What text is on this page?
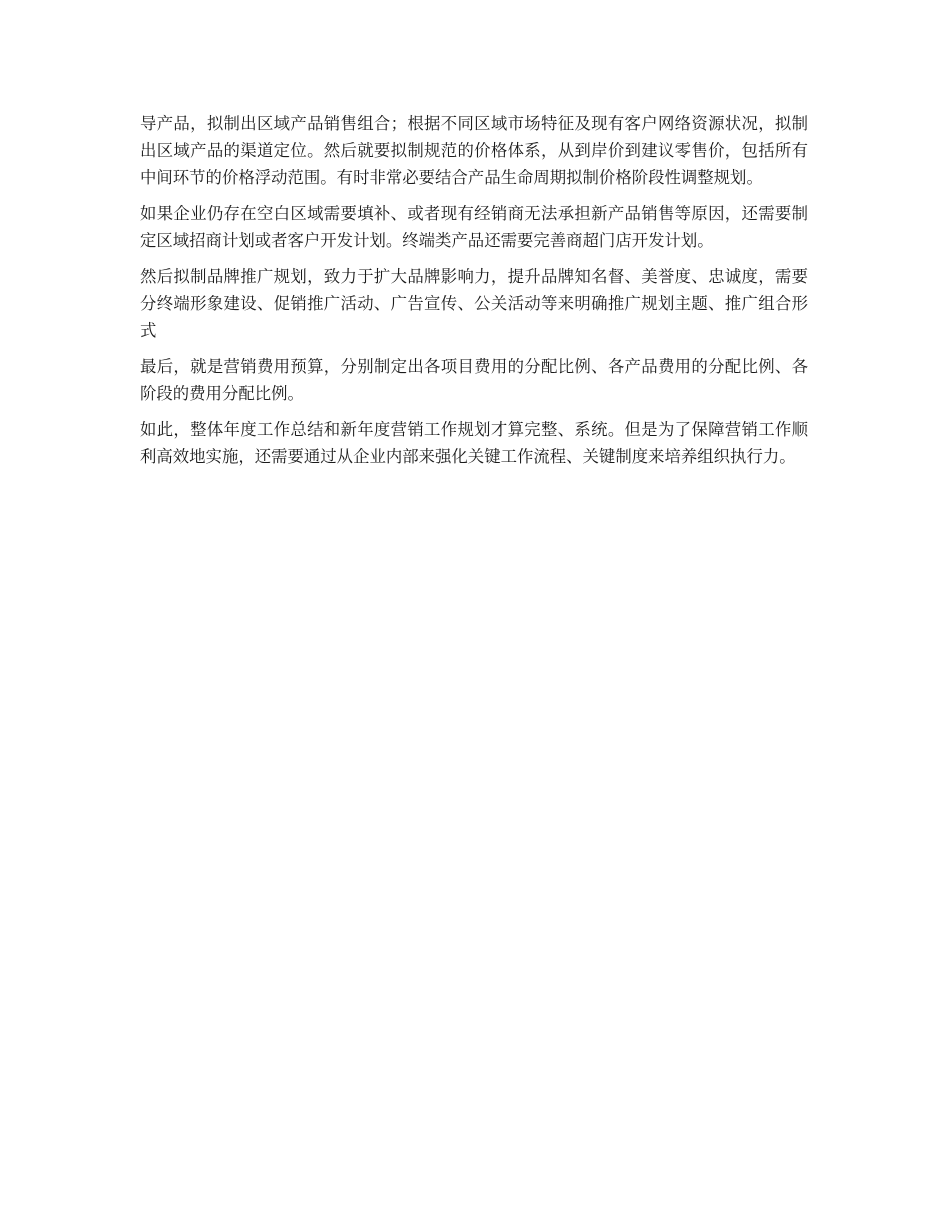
导产品，拟制出区域产品销售组合；根据不同区域市场特征及现有客户网络资源状况，拟制出区域产品的渠道定位。然后就要拟制规范的价格体系，从到岸价到建议零售价，包括所有中间环节的价格浮动范围。有时非常必要结合产品生命周期拟制价格阶段性调整规划。

如果企业仍存在空白区域需要填补、或者现有经销商无法承担新产品销售等原因，还需要制定区域招商计划或者客户开发计划。终端类产品还需要完善商超门店开发计划。

然后拟制品牌推广规划，致力于扩大品牌影响力，提升品牌知名督、美誉度、忠诚度，需要分终端形象建设、促销推广活动、广告宣传、公关活动等来明确推广规划主题、推广组合形式

最后，就是营销费用预算，分别制定出各项目费用的分配比例、各产品费用的分配比例、各阶段的费用分配比例。

如此，整体年度工作总结和新年度营销工作规划才算完整、系统。但是为了保障营销工作顺利高效地实施，还需要通过从企业内部来强化关键工作流程、关键制度来培养组织执行力。
